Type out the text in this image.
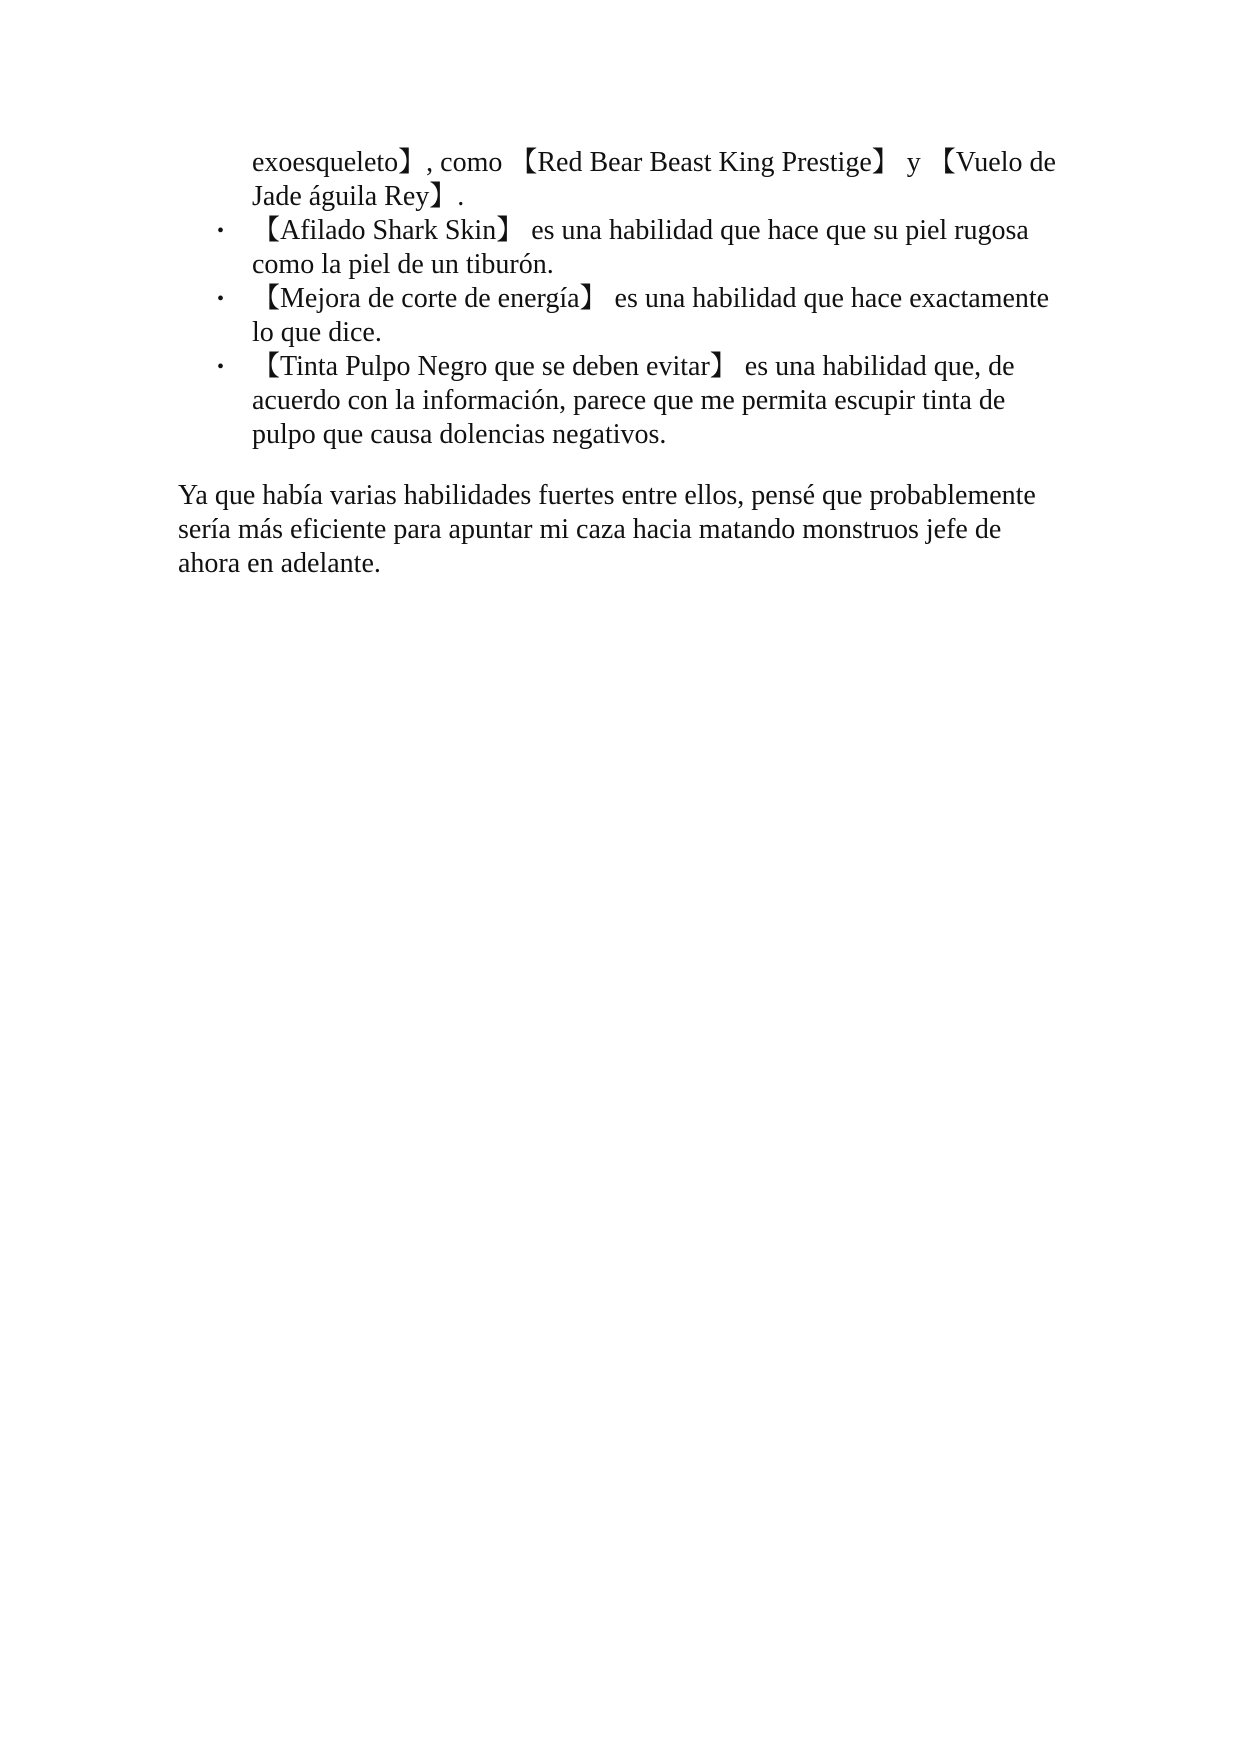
exoesqueleto】, como 【Red Bear Beast King Prestige】 y 【Vuelo de Jade águila Rey】.
• 【Afilado Shark Skin】 es una habilidad que hace que su piel rugosa como la piel de un tiburón.
• 【Mejora de corte de energía】 es una habilidad que hace exactamente lo que dice.
• 【Tinta Pulpo Negro que se deben evitar】 es una habilidad que, de acuerdo con la información, parece que me permita escupir tinta de pulpo que causa dolencias negativos.

Ya que había varias habilidades fuertes entre ellos, pensé que probablemente sería más eficiente para apuntar mi caza hacia matando monstruos jefe de ahora en adelante.
